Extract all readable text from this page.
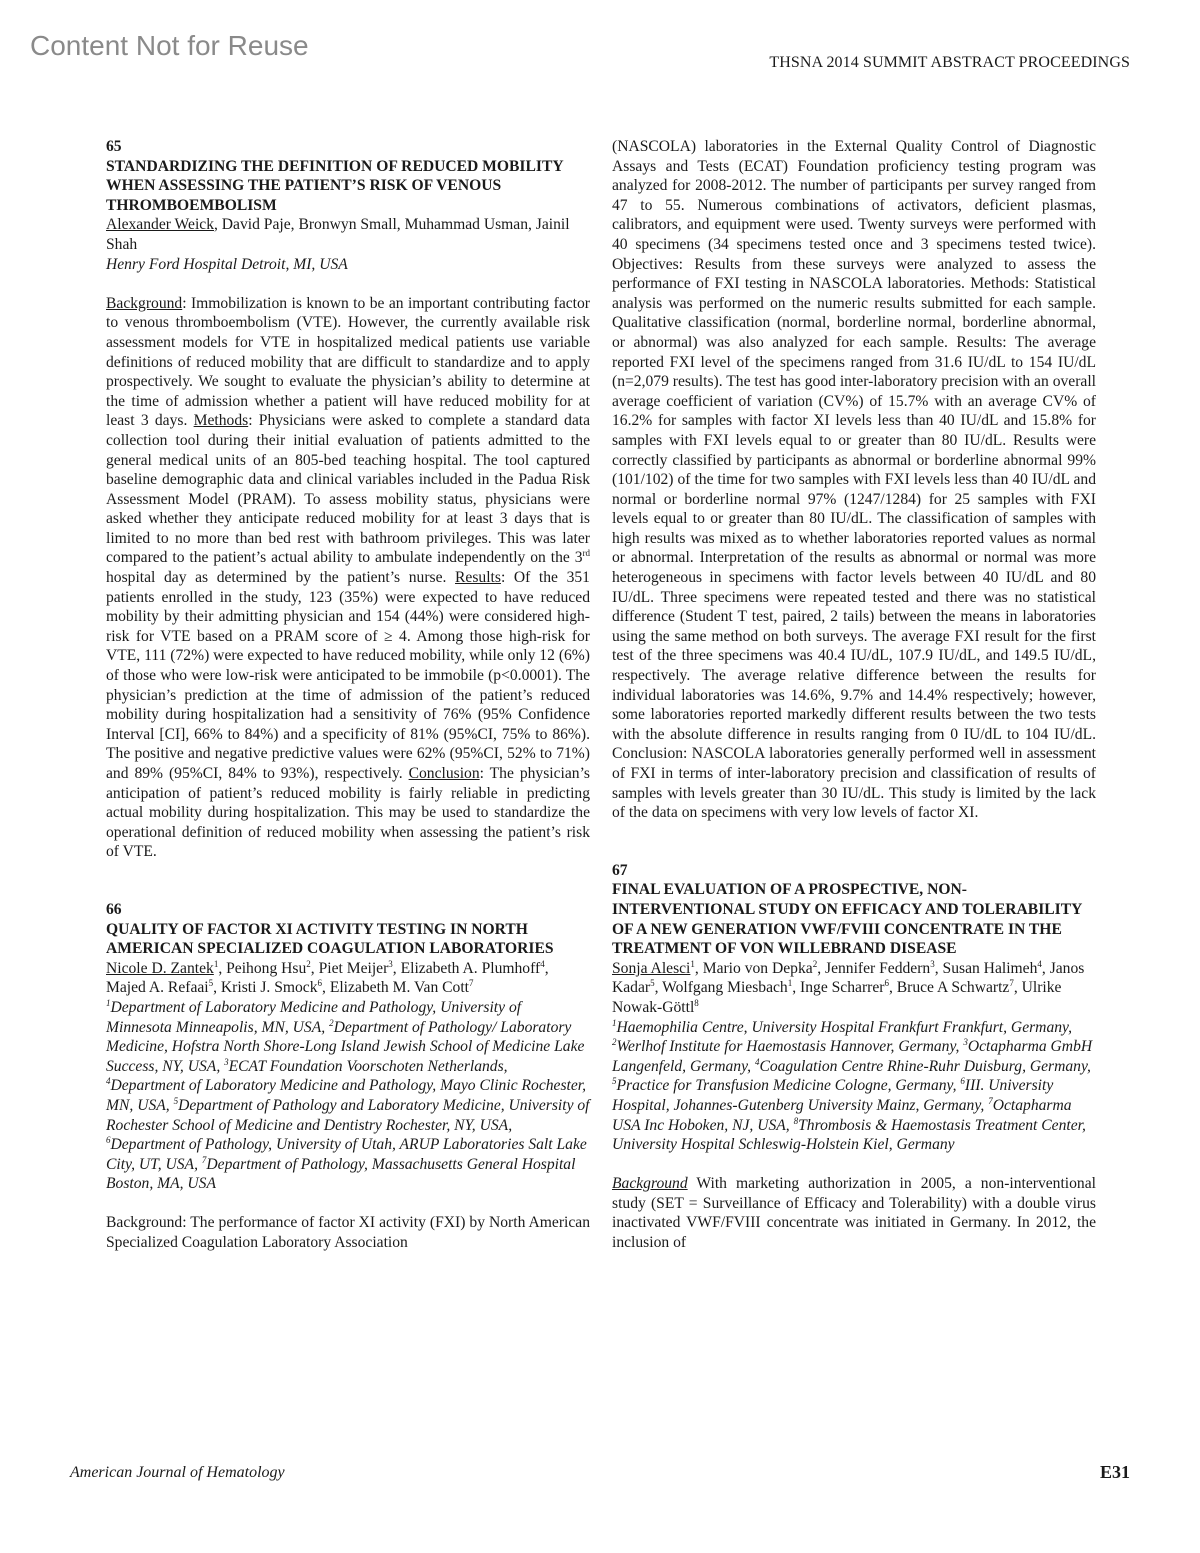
Content Not for Reuse
THSNA 2014 SUMMIT ABSTRACT PROCEEDINGS
65
STANDARDIZING THE DEFINITION OF REDUCED MOBILITY WHEN ASSESSING THE PATIENT’S RISK OF VENOUS THROMBOEMBOLISM

Alexander Weick, David Paje, Bronwyn Small, Muhammad Usman, Jainil Shah

Henry Ford Hospital Detroit, MI, USA

Background: Immobilization is known to be an important contributing factor to venous thromboembolism (VTE). However, the currently available risk assessment models for VTE in hospitalized medical patients use variable definitions of reduced mobility that are difficult to standardize and to apply prospectively. We sought to evaluate the physician’s ability to determine at the time of admission whether a patient will have reduced mobility for at least 3 days. Methods: Physicians were asked to complete a standard data collection tool during their initial evaluation of patients admitted to the general medical units of an 805-bed teaching hospital. The tool captured baseline demographic data and clinical variables included in the Padua Risk Assessment Model (PRAM). To assess mobility status, physicians were asked whether they anticipate reduced mobility for at least 3 days that is limited to no more than bed rest with bathroom privileges. This was later compared to the patient’s actual ability to ambulate independently on the 3rd hospital day as determined by the patient’s nurse. Results: Of the 351 patients enrolled in the study, 123 (35%) were expected to have reduced mobility by their admitting physician and 154 (44%) were considered high-risk for VTE based on a PRAM score of ≥ 4. Among those high-risk for VTE, 111 (72%) were expected to have reduced mobility, while only 12 (6%) of those who were low-risk were anticipated to be immobile (p<0.0001). The physician’s prediction at the time of admission of the patient’s reduced mobility during hospitalization had a sensitivity of 76% (95% Confidence Interval [CI], 66% to 84%) and a specificity of 81% (95%CI, 75% to 86%). The positive and negative predictive values were 62% (95%CI, 52% to 71%) and 89% (95%CI, 84% to 93%), respectively. Conclusion: The physician’s anticipation of patient’s reduced mobility is fairly reliable in predicting actual mobility during hospitalization. This may be used to standardize the operational definition of reduced mobility when assessing the patient’s risk of VTE.

66
QUALITY OF FACTOR XI ACTIVITY TESTING IN NORTH AMERICAN SPECIALIZED COAGULATION LABORATORIES

Nicole D. Zantek$^1$, Peihong Hsu$^2$, Piet Meijer$^3$, Elizabeth A. Plumhoff$^4$, Majed A. Refaai$^5$, Kristi J. Smock$^6$, Elizabeth M. Van Cott$^7$

$^1$Department of Laboratory Medicine and Pathology, University of Minnesota Minneapolis, MN, USA, $^2$Department of Pathology/ Laboratory Medicine, Hofstra North Shore-Long Island Jewish School of Medicine Lake Success, NY, USA, $^3$ECAT Foundation Voorschoten Netherlands, $^4$Department of Laboratory Medicine and Pathology, Mayo Clinic Rochester, MN, USA, $^5$Department of Pathology and Laboratory Medicine, University of Rochester School of Medicine and Dentistry Rochester, NY, USA, $^6$Department of Pathology, University of Utah, ARUP Laboratories Salt Lake City, UT, USA, $^7$Department of Pathology, Massachusetts General Hospital Boston, MA, USA

Background: The performance of factor XI activity (FXI) by North American Specialized Coagulation Laboratory Association

(NASCOLA) laboratories in the External Quality Control of Diagnostic Assays and Tests (ECAT) Foundation proficiency testing program was analyzed for 2008-2012. The number of participants per survey ranged from 47 to 55. Numerous combinations of activators, deficient plasmas, calibrators, and equipment were used. Twenty surveys were performed with 40 specimens (34 specimens tested once and 3 specimens tested twice). Objectives: Results from these surveys were analyzed to assess the performance of FXI testing in NASCOLA laboratories. Methods: Statistical analysis was performed on the numeric results submitted for each sample. Qualitative classification (normal, borderline normal, borderline abnormal, or abnormal) was also analyzed for each sample. Results: The average reported FXI level of the specimens ranged from 31.6 IU/dL to 154 IU/dL (n=2,079 results). The test has good inter-laboratory precision with an overall average coefficient of variation (CV%) of 15.7% with an average CV% of 16.2% for samples with factor XI levels less than 40 IU/dL and 15.8% for samples with FXI levels equal to or greater than 80 IU/dL. Results were correctly classified by participants as abnormal or borderline abnormal 99% (101/102) of the time for two samples with FXI levels less than 40 IU/dL and normal or borderline normal 97% (1247/1284) for 25 samples with FXI levels equal to or greater than 80 IU/dL. The classification of samples with high results was mixed as to whether laboratories reported values as normal or abnormal. Interpretation of the results as abnormal or normal was more heterogeneous in specimens with factor levels between 40 IU/dL and 80 IU/dL. Three specimens were repeated tested and there was no statistical difference (Student T test, paired, 2 tails) between the means in laboratories using the same method on both surveys. The average FXI result for the first test of the three specimens was 40.4 IU/dL, 107.9 IU/dL, and 149.5 IU/dL, respectively. The average relative difference between the results for individual laboratories was 14.6%, 9.7% and 14.4% respectively; however, some laboratories reported markedly different results between the two tests with the absolute difference in results ranging from 0 IU/dL to 104 IU/dL. Conclusion: NASCOLA laboratories generally performed well in assessment of FXI in terms of inter-laboratory precision and classification of results of samples with levels greater than 30 IU/dL. This study is limited by the lack of the data on specimens with very low levels of factor XI.

67
FINAL EVALUATION OF A PROSPECTIVE, NON-INTERVENTIONAL STUDY ON EFFICACY AND TOLERABILITY OF A NEW GENERATION VWF/FVIII CONCENTRATE IN THE TREATMENT OF VON WILLEBRAND DISEASE

Sonja Alesci$^1$, Mario von Depka$^2$, Jennifer Feddern$^3$, Susan Halimeh$^4$, Janos Kadar$^5$, Wolfgang Miesbach$^1$, Inge Scharrer$^6$, Bruce A Schwartz$^7$, Ulrike Nowak-Göttl$^8$

$^1$Haemophilia Centre, University Hospital Frankfurt Frankfurt, Germany, $^2$Werlhof Institute for Haemostasis Hannover, Germany, $^3$Octapharma GmbH Langenfeld, Germany, $^4$Coagulation Centre Rhine-Ruhr Duisburg, Germany, $^5$Practice for Transfusion Medicine Cologne, Germany, $^6$III. University Hospital, Johannes-Gutenberg University Mainz, Germany, $^7$Octapharma USA Inc Hoboken, NJ, USA, $^8$Thrombosis & Haemostasis Treatment Center, University Hospital Schleswig-Holstein Kiel, Germany

Background With marketing authorization in 2005, a non-interventional study (SET = Surveillance of Efficacy and Tolerability) with a double virus inactivated VWF/FVIII concentrate was initiated in Germany. In 2012, the inclusion of

American Journal of Hematology	E31
